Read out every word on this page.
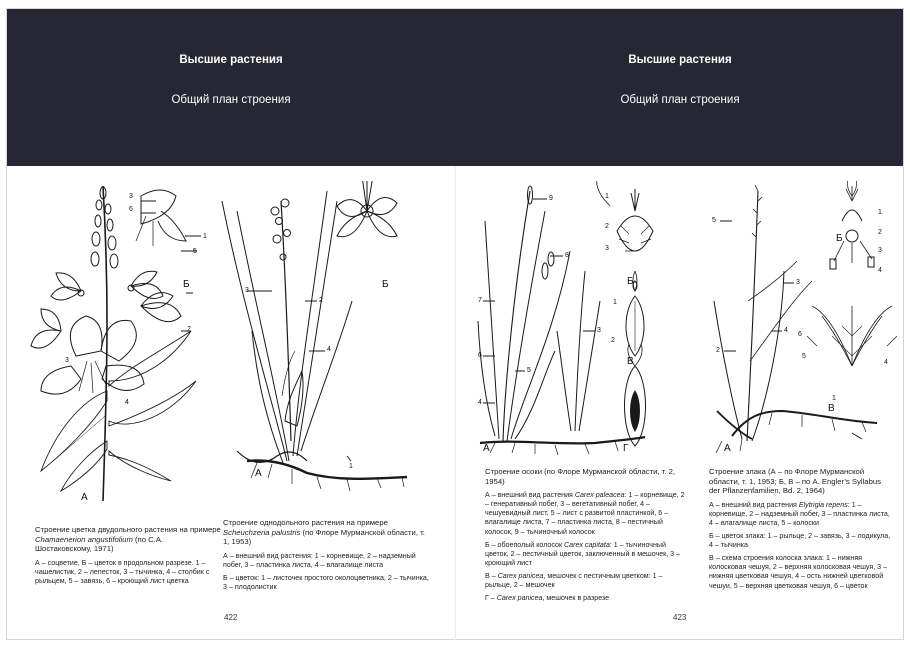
Высшие растения
Общий план строения
Высшие растения
Общий план строения
3
6
1
5
Б
2
3
4
А
Строение цветка двудольного растения на примере Chamaenerion angustifolium (по С.А. Шостаковскому, 1971)

А – соцветие, Б – цветок в продольном разрезе. 1 – чашелистик, 2 – лепесток, 3 – тычинка, 4 – столбик с рыльцем, 5 – завязь, 6 – кроющий лист цветка

3
2
4
1
Б
А
Строение однодольного растения на примере Scheuchzeria palustris (по Флоре Мурманской области, т. 1, 1953)

А – внешний вид растения: 1 – корневище, 2 – надземный побег, 3 – пластинка листа, 4 – влагалище листа

Б – цветок: 1 – листочек простого околоцветника, 2 – тычинка, 3 – плодолистик

422
9
8
7
3
6
5
4
1
2
3
Б
1
2
В
Г
А
Строение осоки (по Флоре Мурманской области, т. 2, 1954)

А – внешний вид растения Carex paleacea: 1 – корневище, 2 – генеративный побег, 3 – вегетативный побег, 4 – чешуевидный лист, 5 – лист с развитой пластинкой, 6 – влагалище листа, 7 – пластинка листа, 8 – пестичный колосок, 9 – тычиночный колосок

Б – обоеполый колосок Carex capitata: 1 – тычиночный цветок, 2 – пестичный цветок, заключенный в мешочек, 3 – кроющий лист

В – Carex panicea, мешочек с пестичным цветком: 1 – рыльце, 2 – мешочек

Г – Carex panicea, мешочек в разрезе

5
3
4
2
Б
1
2
3
4
6
5
4
1
В
А
Строение злака (А – по Флоре Мурманской области, т. 1, 1953; Б, В – по A. Engler’s Syllabus der Pflanzenfamilien, Bd. 2, 1964)

А – внешний вид растения Elytrigia repens: 1 – корневище, 2 – надземный побег, 3 – пластинка листа, 4 – влагалище листа, 5 – колоски

Б – цветок злака: 1 – рыльце, 2 – завязь, 3 – лодикула, 4 – тычинка

В – схема строения колоска злака: 1 – нижняя колосковая чешуя, 2 – верхняя колосковая чешуя, 3 – нижняя цветковая чешуя, 4 – ость нижней цветковой чешуи, 5 – верхняя цветковая чешуя, 6 – цветок

423
